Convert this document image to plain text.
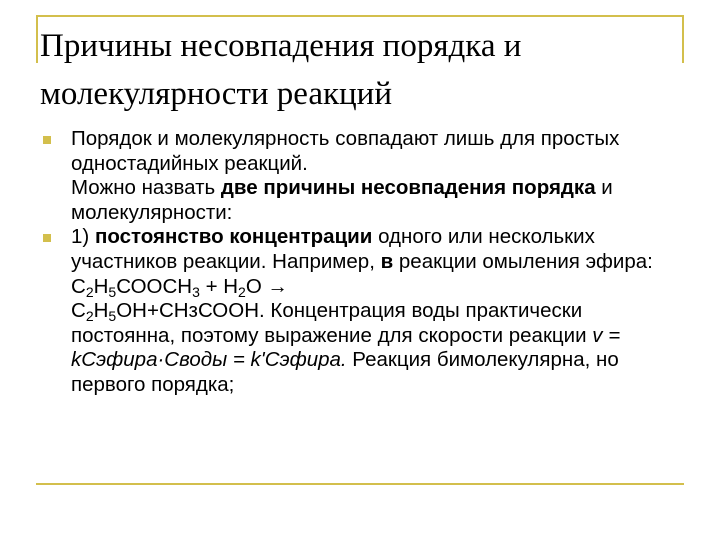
Причины несовпадения порядка и
молекулярности реакций

Порядок и молекулярность совпадают лишь для простых одностадийных реакций.

Можно назвать две причины несовпадения порядка и молекулярности:

1) постоянство концентрации одного или нескольких участников реакции. Например, в реакции омыления эфира: $С_2Н_5СООСН_3 + Н_2О$ →
$С_2Н_5ОН+СНзСООН$. Концентрация воды практически постоянна, поэтому выражение для скорости реакции v = kСэфира·Своды = k'Сэфира. Реакция бимолекулярна, но первого порядка;
